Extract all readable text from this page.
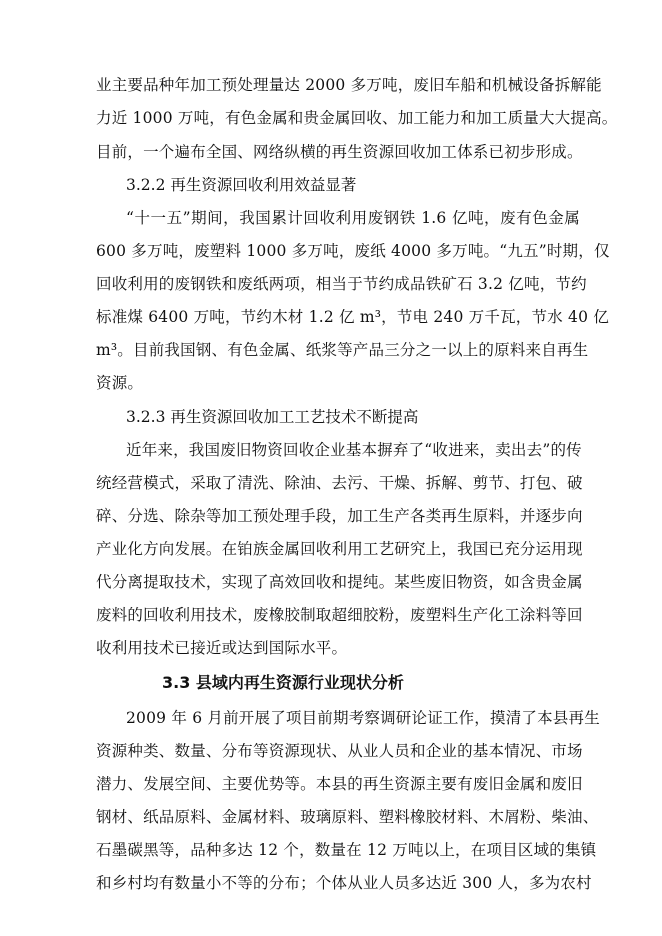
业主要品种年加工预处理量达 2000 多万吨，废旧车船和机械设备拆解能
力近 1000 万吨，有色金属和贵金属回收、加工能力和加工质量大大提高。
目前，一个遍布全国、网络纵横的再生资源回收加工体系已初步形成。
3.2.2 再生资源回收利用效益显著
“十一五”期间，我国累计回收利用废钢铁 1.6 亿吨，废有色金属
600 多万吨，废塑料 1000 多万吨，废纸 4000 多万吨。“九五”时期，仅
回收利用的废钢铁和废纸两项，相当于节约成品铁矿石 3.2 亿吨，节约
标准煤 6400 万吨，节约木材 1.2 亿 m³，节电 240 万千瓦，节水 40 亿
m³。目前我国钢、有色金属、纸浆等产品三分之一以上的原料来自再生
资源。
3.2.3 再生资源回收加工工艺技术不断提高
近年来，我国废旧物资回收企业基本摒弃了“收进来，卖出去”的传
统经营模式，采取了清洗、除油、去污、干燥、拆解、剪节、打包、破
碎、分选、除杂等加工预处理手段，加工生产各类再生原料，并逐步向
产业化方向发展。在铂族金属回收利用工艺研究上，我国已充分运用现
代分离提取技术，实现了高效回收和提纯。某些废旧物资，如含贵金属
废料的回收利用技术，废橡胶制取超细胶粉，废塑料生产化工涂料等回
收利用技术已接近或达到国际水平。
3.3 县域内再生资源行业现状分析
2009 年 6 月前开展了项目前期考察调研论证工作，摸清了本县再生
资源种类、数量、分布等资源现状、从业人员和企业的基本情况、市场
潜力、发展空间、主要优势等。本县的再生资源主要有废旧金属和废旧
钢材、纸品原料、金属材料、玻璃原料、塑料橡胶材料、木屑粉、柴油、
石墨碳黑等，品种多达 12 个，数量在 12 万吨以上，在项目区域的集镇
和乡村均有数量小不等的分布；个体从业人员多达近 300 人，多为农村
